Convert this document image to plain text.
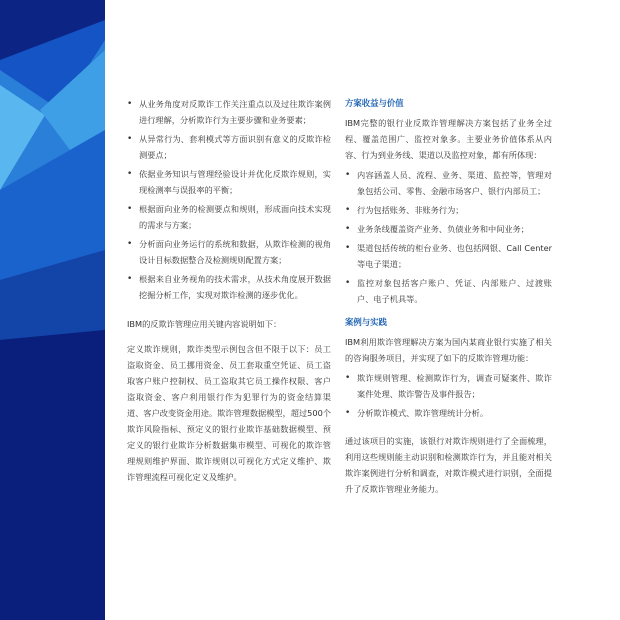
• 从业务角度对反欺诈工作关注重点以及过往欺诈案例进行理解，分析欺诈行为主要步骤和业务要素；
• 从异常行为、套利模式等方面识别有意义的反欺诈检测要点；
• 依据业务知识与管理经验设计并优化反欺诈规则，实现检测率与误报率的平衡；
• 根据面向业务的检测要点和规则，形成面向技术实现的需求与方案；
• 分析面向业务运行的系统和数据，从欺诈检测的视角设计目标数据整合及检测规则配置方案；
• 根据来自业务视角的技术需求，从技术角度展开数据挖掘分析工作，实现对欺诈检测的逐步优化。

IBM的反欺诈管理应用关键内容说明如下：

定义欺诈规则，欺诈类型示例包含但不限于以下：员工盗取资金、员工挪用资金、员工套取重空凭证、员工盗取客户账户控制权、员工盗取其它员工操作权限、客户盗取资金、客户利用银行作为犯罪行为的资金结算渠道、客户改变资金用途。欺诈管理数据模型，超过500个欺诈风险指标、预定义的银行业欺诈基础数据模型、预定义的银行业欺诈分析数据集市模型、可视化的欺诈管理规则维护界面、欺诈规则以可视化方式定义维护、欺诈管理流程可视化定义及维护。

方案收益与价值

IBM完整的银行业反欺诈管理解决方案包括了业务全过程、覆盖范围广、监控对象多。主要业务价值体系从内容、行为到业务线、渠道以及监控对象，都有所体现：

• 内容涵盖人员、流程、业务、渠道、监控等，管理对象包括公司、零售、金融市场客户、银行内部员工；
• 行为包括账务、非账务行为；
• 业务条线覆盖资产业务、负债业务和中间业务；
• 渠道包括传统的柜台业务、也包括网银、Call Center等电子渠道；
• 监控对象包括客户账户、凭证、内部账户、过渡账户、电子机具等。
案例与实践

IBM利用欺诈管理解决方案为国内某商业银行实施了相关的咨询服务项目，并实现了如下的反欺诈管理功能：

• 欺诈规则管理、检测欺诈行为，调查可疑案件、欺诈案件处理、欺诈警告及事件报告；
• 分析欺诈模式、欺诈管理统计分析。

通过该项目的实施，该银行对欺诈规则进行了全面梳理，利用这些规则能主动识别和检测欺诈行为，并且能对相关欺诈案例进行分析和调查，对欺诈模式进行识别，全面提升了反欺诈管理业务能力。
